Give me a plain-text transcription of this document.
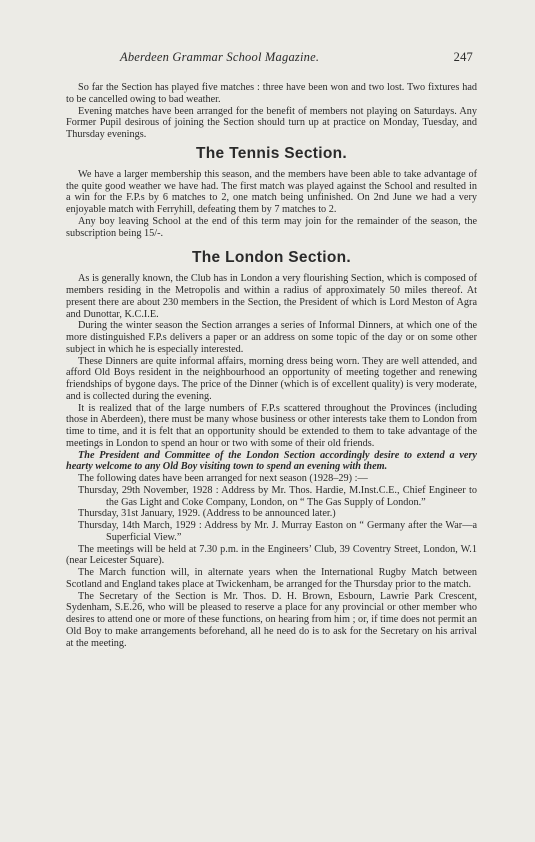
Aberdeen Grammar School Magazine.	247

So far the Section has played five matches : three have been won and two lost. Two fixtures had to be cancelled owing to bad weather.

Evening matches have been arranged for the benefit of members not playing on Saturdays. Any Former Pupil desirous of joining the Section should turn up at practice on Monday, Tuesday, and Thursday evenings.

The Tennis Section.

We have a larger membership this season, and the members have been able to take advantage of the quite good weather we have had. The first match was played against the School and resulted in a win for the F.P.s by 6 matches to 2, one match being unfinished. On 2nd June we had a very enjoyable match with Ferryhill, defeating them by 7 matches to 2.

Any boy leaving School at the end of this term may join for the remainder of the season, the subscription being 15/-.

The London Section.

As is generally known, the Club has in London a very flourishing Section, which is composed of members residing in the Metropolis and within a radius of approximately 50 miles thereof. At present there are about 230 members in the Section, the President of which is Lord Meston of Agra and Dunottar, K.C.I.E.

During the winter season the Section arranges a series of Informal Dinners, at which one of the more distinguished F.P.s delivers a paper or an address on some topic of the day or on some other subject in which he is especially interested.

These Dinners are quite informal affairs, morning dress being worn. They are well attended, and afford Old Boys resident in the neighbourhood an opportunity of meeting together and renewing friendships of bygone days. The price of the Dinner (which is of excellent quality) is very moderate, and is collected during the evening.

It is realized that of the large numbers of F.P.s scattered throughout the Provinces (including those in Aberdeen), there must be many whose business or other interests take them to London from time to time, and it is felt that an opportunity should be extended to them to take advantage of the meetings in London to spend an hour or two with some of their old friends.

The President and Committee of the London Section accordingly desire to extend a very hearty welcome to any Old Boy visiting town to spend an evening with them.

The following dates have been arranged for next season (1928–29) :—

Thursday, 29th November, 1928 : Address by Mr. Thos. Hardie, M.Inst.C.E., Chief Engineer to the Gas Light and Coke Company, London, on “ The Gas Supply of London.”
Thursday, 31st January, 1929. (Address to be announced later.)
Thursday, 14th March, 1929 : Address by Mr. J. Murray Easton on “ Germany after the War—a Superficial View.”

The meetings will be held at 7.30 p.m. in the Engineers’ Club, 39 Coventry Street, London, W.1 (near Leicester Square).

The March function will, in alternate years when the International Rugby Match between Scotland and England takes place at Twickenham, be arranged for the Thursday prior to the match.

The Secretary of the Section is Mr. Thos. D. H. Brown, Esbourn, Lawrie Park Crescent, Sydenham, S.E.26, who will be pleased to reserve a place for any provincial or other member who desires to attend one or more of these functions, on hearing from him ; or, if time does not permit an Old Boy to make arrangements beforehand, all he need do is to ask for the Secretary on his arrival at the meeting.
